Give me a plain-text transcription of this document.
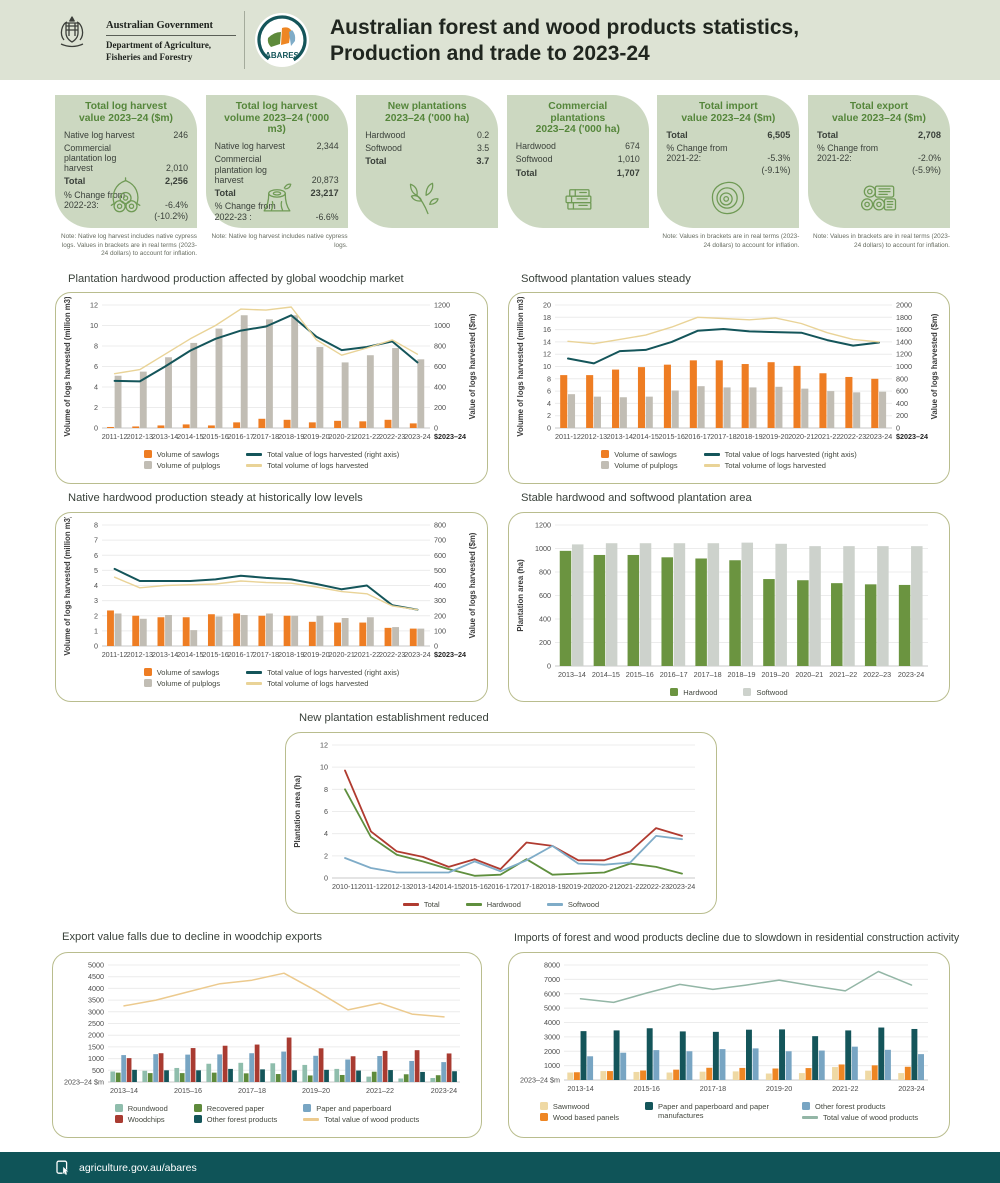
Australian Government
Department of Agriculture,
Fisheries and Forestry	ABARES
Australian forest and wood products statistics,
Production and trade to 2023-24
Total log harvest
value 2023–24 ($m)
Native log harvest	246
Commercial plantation log harvest	2,010
Total	2,256
% Change from 2022-23:	-6.4%
(-10.2%)
Note: Native log harvest includes native cypress logs. Values in brackets are in real terms (2023-24 dollars) to account for inflation.
Total log harvest
volume 2023–24 ('000 m3)
Native log harvest	2,344
Commercial plantation log harvest	20,873
Total	23,217
% Change from 2022-23 :	-6.6%
Note: Native log harvest includes native cypress logs.
New plantations
2023–24 ('000 ha)
Hardwood	0.2
Softwood	3.5
Total	3.7
Commercial
plantations
2023–24 ('000 ha)
Hardwood	674
Softwood	1,010
Total	1,707
Total import
value 2023–24 ($m)
Total	6,505
% Change from 2021-22:	-5.3%
(-9.1%)
Note: Values in brackets are in real terms (2023-24 dollars) to account for inflation.
Total export
value 2023–24 ($m)
Total	2,708
% Change from 2021-22:	-2.0%
(-5.9%)
Note: Values in brackets are in real terms (2023-24 dollars) to account for inflation.
Plantation hardwood production affected by global woodchip market	Softwood plantation values steady
Native hardwood production steady at historically low levels	Stable hardwood and softwood plantation area
New plantation establishment reduced
Export value falls due to decline in woodchip exports	Imports of forest and wood products decline due to slowdown in residential construction activity
0	0
2	200
4	400
6	600
8	800
10	1000
12	1200
$2023–24
2011-12 2012-13
2013-14
2014-15
2015-16
2016-17
2017-18
2018-19
2019-20
2020-21
2021-22
2022-23
2023-24
Volume of logs harvested (million m3)	Value of logs harvested ($m)
Volume of sawlogs
Volume of pulplogs
Total value of logs harvested (right axis)
Total volume of logs harvested
0	0
2	200
4	400
6	600
8	800
10	1000
12	1200
14	1400
16	1600
18	1800
20	2000
$2023–24
2011-12 2012-13 2013-14 2014-15 2015-16 2016-17 2017-18 2018-19 2019-20 2020-21 2021-22 2022-23 2023-24
Volume of logs harvested (million m3)	Value of logs harvested ($m)
Volume of sawlogs
Volume of pulplogs
Total value of logs harvested (right axis)
Total volume of logs harvested
0	0
1	100
2	200
3	300
4	400
5	500
6	600
7	700
8	800
$2023–24
2011-12 2012-13
2013-14
2014-15
2015-16
2016-17
2017-18
2018-19
2019-20
2020-21
2021-22
2022-23
2023-24
Volume of logs harvested (million m3)	Value of logs harvested ($m)
Volume of sawlogs
Volume of pulplogs
Total value of logs harvested (right axis)
Total volume of logs harvested
0
200
400
600
800
1000
1200
2013–14 2014–15 2015–16 2016–17 2017–18 2018–19 2019–20 2020–21 2021–22 2022–23 2023-24
Plantation area (ha)
Hardwood	Softwood
0
2
4
6
8
10
12
2010-11 2011-12 2012-13 2013-14 2014-15 2015-16 2016-17 2017-18 2018-19 2019-20 2020-21 2021-22 2022-23 2023-24
Plantation area (ha)
Total	Hardwood	Softwood
2023–24 $m
500
1000
1500
2000
2500
3000
3500
4000
4500
5000
2013–14	2015–16	2017–18	2019–20	2021–22	2023-24
Roundwood
Woodchips
Recovered paper
Other forest products
Paper and paperboard
Total value of wood products
2023–24 $m
1000
2000
3000
4000
5000
6000
7000
8000
2013-14	2015-16	2017-18	2019-20	2021-22	2023-24
Sawnwood
Wood based panels
Paper and paperboard and paper manufactures
Other forest products
Total value of wood products
agriculture.gov.au/abares
